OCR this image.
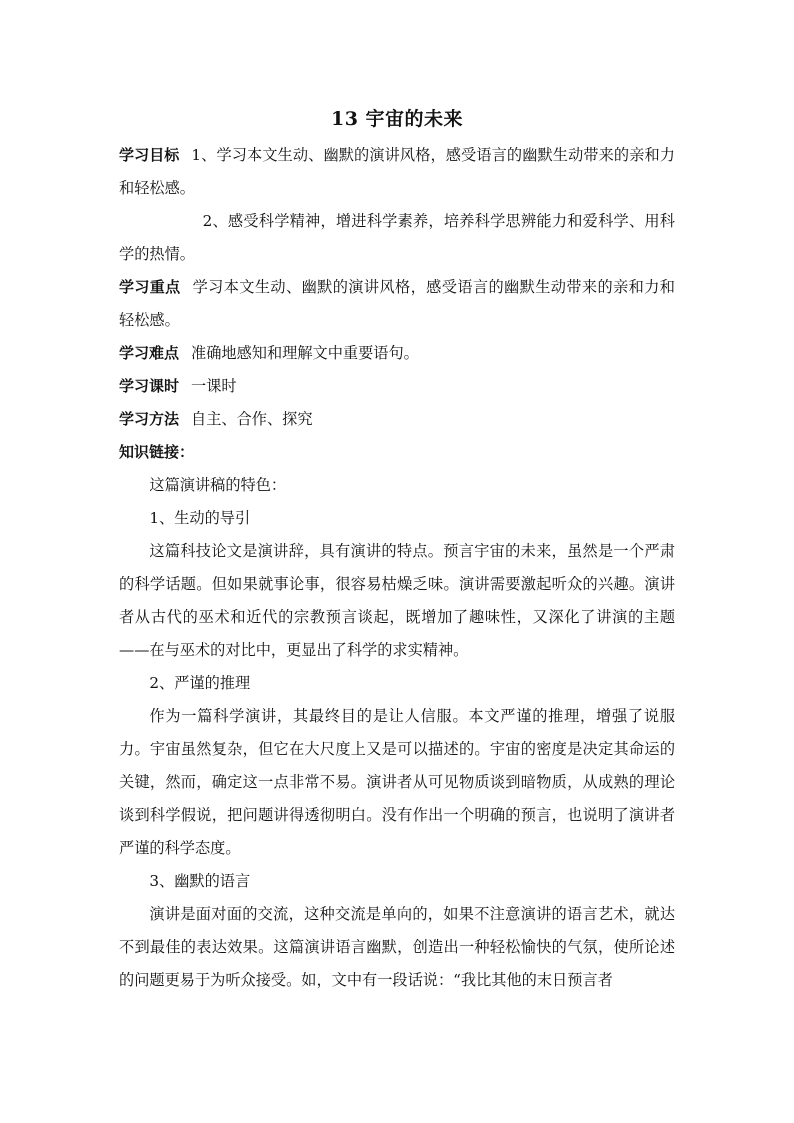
13 宇宙的未来

学习目标 1、学习本文生动、幽默的演讲风格，感受语言的幽默生动带来的亲和力和轻松感。

2、感受科学精神，增进科学素养，培养科学思辨能力和爱科学、用科学的热情。

学习重点 学习本文生动、幽默的演讲风格，感受语言的幽默生动带来的亲和力和轻松感。

学习难点 准确地感知和理解文中重要语句。

学习课时 一课时

学习方法 自主、合作、探究

知识链接：

这篇演讲稿的特色：

1、生动的导引

这篇科技论文是演讲辞，具有演讲的特点。预言宇宙的未来，虽然是一个严肃的科学话题。但如果就事论事，很容易枯燥乏味。演讲需要激起听众的兴趣。演讲者从古代的巫术和近代的宗教预言谈起，既增加了趣味性，又深化了讲演的主题——在与巫术的对比中，更显出了科学的求实精神。

2、严谨的推理

作为一篇科学演讲，其最终目的是让人信服。本文严谨的推理，增强了说服力。宇宙虽然复杂，但它在大尺度上又是可以描述的。宇宙的密度是决定其命运的关键，然而，确定这一点非常不易。演讲者从可见物质谈到暗物质，从成熟的理论谈到科学假说，把问题讲得透彻明白。没有作出一个明确的预言，也说明了演讲者严谨的科学态度。

3、幽默的语言

演讲是面对面的交流，这种交流是单向的，如果不注意演讲的语言艺术，就达不到最佳的表达效果。这篇演讲语言幽默，创造出一种轻松愉快的气氛，使所论述的问题更易于为听众接受。如，文中有一段话说：“我比其他的末日预言者
